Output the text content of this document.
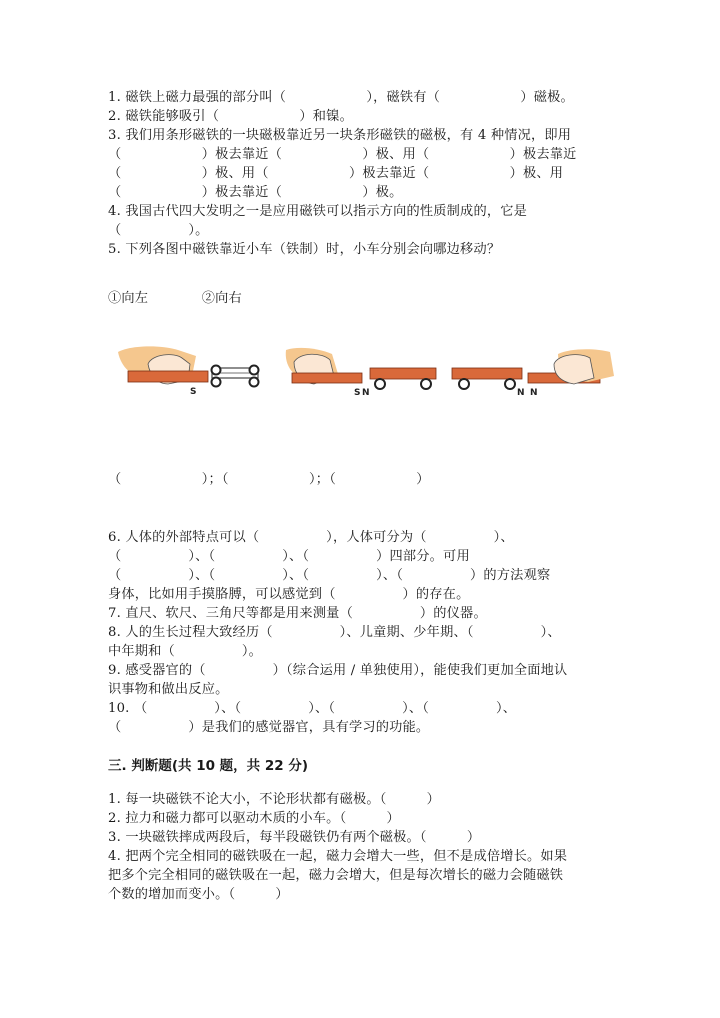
1. 磁铁上磁力最强的部分叫（　　　　　　），磁铁有（　　　　　　）磁极。
2. 磁铁能够吸引（　　　　　　）和镍。
3. 我们用条形磁铁的一块磁极靠近另一块条形磁铁的磁极，有 4 种情况，即用
（　　　　　　）极去靠近（　　　　　　）极、用（　　　　　　）极去靠近
（　　　　　　）极、用（　　　　　　）极去靠近（　　　　　　）极、用
（　　　　　　）极去靠近（　　　　　　）极。
4. 我国古代四大发明之一是应用磁铁可以指示方向的性质制成的，它是
（　　　　　）。
5. 下列各图中磁铁靠近小车（铁制）时，小车分别会向哪边移动？
①向左　　　　②向右
S	S N	N N
（　　　　　　）；（　　　　　　）；（　　　　　　）
6. 人体的外部特点可以（　　　　　），人体可分为（　　　　　）、
（　　　　　）、（　　　　　）、（　　　　　）四部分。可用
（　　　　　）、（　　　　　）、（　　　　　）、（　　　　　）的方法观察
身体，比如用手摸胳膊，可以感觉到（　　　　　）的存在。
7. 直尺、软尺、三角尺等都是用来测量（　　　　　）的仪器。
8. 人的生长过程大致经历（　　　　　）、儿童期、少年期、（　　　　　）、
中年期和（　　　　　）。
9. 感受器官的（　　　　　）（综合运用 / 单独使用），能使我们更加全面地认
识事物和做出反应。
10. （　　　　　）、（　　　　　）、（　　　　　）、（　　　　　）、
（　　　　　）是我们的感觉器官，具有学习的功能。
三. 判断题(共 10 题，共 22 分)
1. 每一块磁铁不论大小，不论形状都有磁极。（　　　）
2. 拉力和磁力都可以驱动木质的小车。（　　　）
3. 一块磁铁摔成两段后，每半段磁铁仍有两个磁极。（　　　）
4. 把两个完全相同的磁铁吸在一起，磁力会增大一些，但不是成倍增长。如果
把多个完全相同的磁铁吸在一起，磁力会增大，但是每次增长的磁力会随磁铁
个数的增加而变小。（　　　）
